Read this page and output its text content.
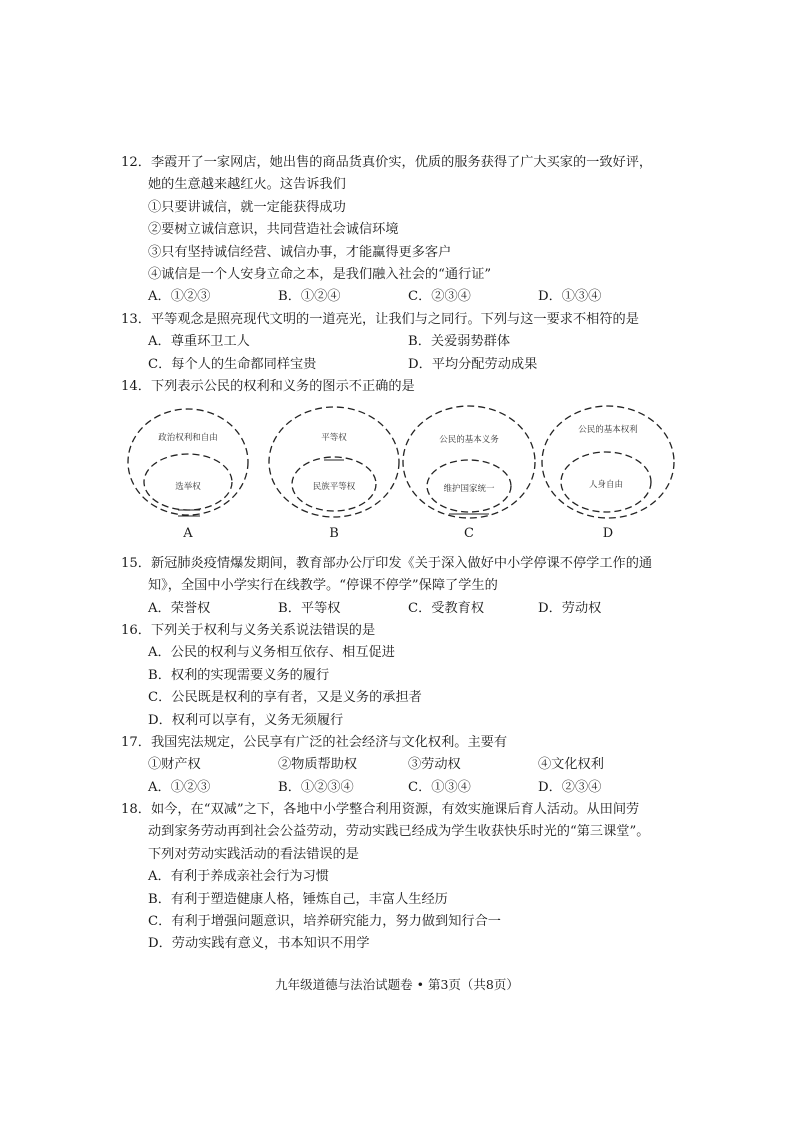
12．李霞开了一家网店，她出售的商品货真价实，优质的服务获得了广大买家的一致好评，
她的生意越来越红火。这告诉我们
①只要讲诚信，就一定能获得成功
②要树立诚信意识，共同营造社会诚信环境
③只有坚持诚信经营、诚信办事，才能赢得更多客户
④诚信是一个人安身立命之本，是我们融入社会的“通行证”
A．①②③	B．①②④	C．②③④	D．①③④
13．平等观念是照亮现代文明的一道亮光，让我们与之同行。下列与这一要求不相符的是
A．尊重环卫工人	B．关爱弱势群体
C．每个人的生命都同样宝贵	D．平均分配劳动成果
14．下列表示公民的权利和义务的图示不正确的是
政治权利和自由
选举权
A
平等权
民族平等权
B
公民的基本义务
维护国家统一
C
公民的基本权利
人身自由
D
15．新冠肺炎疫情爆发期间，教育部办公厅印发《关于深入做好中小学停课不停学工作的通
知》，全国中小学实行在线教学。“停课不停学”保障了学生的
A．荣誉权	B．平等权	C．受教育权	D．劳动权
16．下列关于权利与义务关系说法错误的是
A．公民的权利与义务相互依存、相互促进
B．权利的实现需要义务的履行
C．公民既是权利的享有者，又是义务的承担者
D．权利可以享有，义务无须履行
17．我国宪法规定，公民享有广泛的社会经济与文化权利。主要有
①财产权	②物质帮助权	③劳动权	④文化权利
A．①②③	B．①②③④	C．①③④	D．②③④
18．如今，在“双减”之下，各地中小学整合利用资源，有效实施课后育人活动。从田间劳
动到家务劳动再到社会公益劳动，劳动实践已经成为学生收获快乐时光的“第三课堂”。
下列对劳动实践活动的看法错误的是
A．有利于养成亲社会行为习惯
B．有利于塑造健康人格，锤炼自己，丰富人生经历
C．有利于增强问题意识，培养研究能力，努力做到知行合一
D．劳动实践有意义，书本知识不用学
九年级道德与法治试题卷 • 第3页（共8页）
